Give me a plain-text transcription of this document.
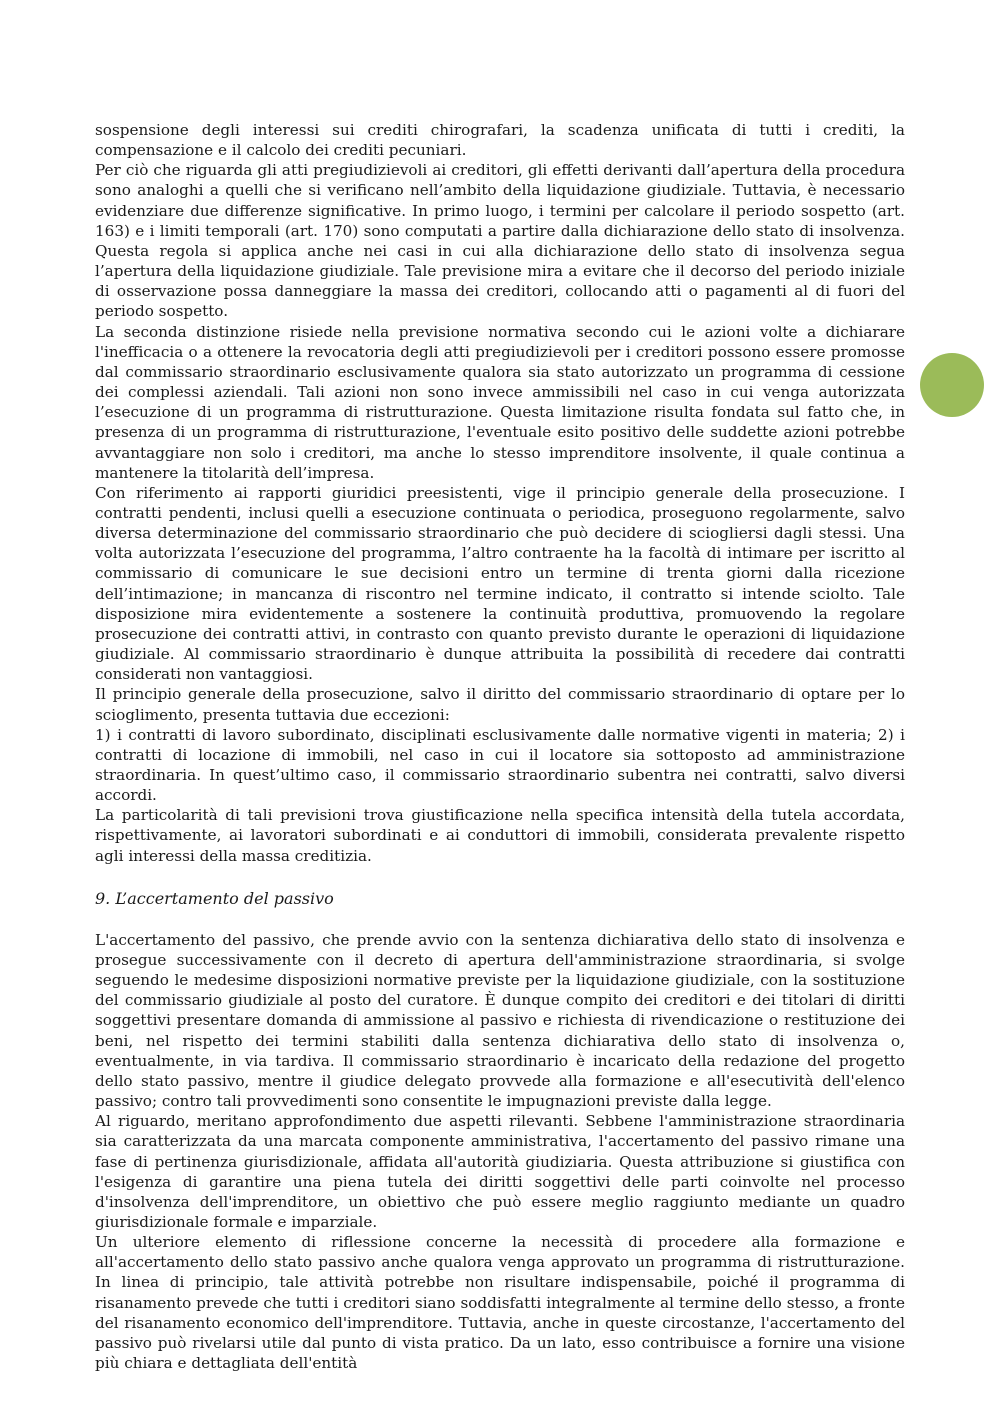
sospensione degli interessi sui crediti chirografari, la scadenza unificata di tutti i crediti, la compensazione e il calcolo dei crediti pecuniari.

Per ciò che riguarda gli atti pregiudizievoli ai creditori, gli effetti derivanti dall’apertura della procedura sono analoghi a quelli che si verificano nell’ambito della liquidazione giudiziale. Tuttavia, è necessario evidenziare due differenze significative. In primo luogo, i termini per calcolare il periodo sospetto (art. 163) e i limiti temporali (art. 170) sono computati a partire dalla dichiarazione dello stato di insolvenza. Questa regola si applica anche nei casi in cui alla dichiarazione dello stato di insolvenza segua l’apertura della liquidazione giudiziale. Tale previsione mira a evitare che il decorso del periodo iniziale di osservazione possa danneggiare la massa dei creditori, collocando atti o pagamenti al di fuori del periodo sospetto.

La seconda distinzione risiede nella previsione normativa secondo cui le azioni volte a dichiarare l'inefficacia o a ottenere la revocatoria degli atti pregiudizievoli per i creditori possono essere promosse dal commissario straordinario esclusivamente qualora sia stato autorizzato un programma di cessione dei complessi aziendali. Tali azioni non sono invece ammissibili nel caso in cui venga autorizzata l’esecuzione di un programma di ristrutturazione. Questa limitazione risulta fondata sul fatto che, in presenza di un programma di ristrutturazione, l'eventuale esito positivo delle suddette azioni potrebbe avvantaggiare non solo i creditori, ma anche lo stesso imprenditore insolvente, il quale continua a mantenere la titolarità dell’impresa.

Con riferimento ai rapporti giuridici preesistenti, vige il principio generale della prosecuzione. I contratti pendenti, inclusi quelli a esecuzione continuata o periodica, proseguono regolarmente, salvo diversa determinazione del commissario straordinario che può decidere di sciogliersi dagli stessi. Una volta autorizzata l’esecuzione del programma, l’altro contraente ha la facoltà di intimare per iscritto al commissario di comunicare le sue decisioni entro un termine di trenta giorni dalla ricezione dell’intimazione; in mancanza di riscontro nel termine indicato, il contratto si intende sciolto. Tale disposizione mira evidentemente a sostenere la continuità produttiva, promuovendo la regolare prosecuzione dei contratti attivi, in contrasto con quanto previsto durante le operazioni di liquidazione giudiziale. Al commissario straordinario è dunque attribuita la possibilità di recedere dai contratti considerati non vantaggiosi.

Il principio generale della prosecuzione, salvo il diritto del commissario straordinario di optare per lo scioglimento, presenta tuttavia due eccezioni:

1) i contratti di lavoro subordinato, disciplinati esclusivamente dalle normative vigenti in materia; 2) i contratti di locazione di immobili, nel caso in cui il locatore sia sottoposto ad amministrazione straordinaria. In quest’ultimo caso, il commissario straordinario subentra nei contratti, salvo diversi accordi.

La particolarità di tali previsioni trova giustificazione nella specifica intensità della tutela accordata, rispettivamente, ai lavoratori subordinati e ai conduttori di immobili, considerata prevalente rispetto agli interessi della massa creditizia.

9. L’accertamento del passivo

L'accertamento del passivo, che prende avvio con la sentenza dichiarativa dello stato di insolvenza e prosegue successivamente con il decreto di apertura dell'amministrazione straordinaria, si svolge seguendo le medesime disposizioni normative previste per la liquidazione giudiziale, con la sostituzione del commissario giudiziale al posto del curatore. È dunque compito dei creditori e dei titolari di diritti soggettivi presentare domanda di ammissione al passivo e richiesta di rivendicazione o restituzione dei beni, nel rispetto dei termini stabiliti dalla sentenza dichiarativa dello stato di insolvenza o, eventualmente, in via tardiva. Il commissario straordinario è incaricato della redazione del progetto dello stato passivo, mentre il giudice delegato provvede alla formazione e all'esecutività dell'elenco passivo; contro tali provvedimenti sono consentite le impugnazioni previste dalla legge.

Al riguardo, meritano approfondimento due aspetti rilevanti. Sebbene l'amministrazione straordinaria sia caratterizzata da una marcata componente amministrativa, l'accertamento del passivo rimane una fase di pertinenza giurisdizionale, affidata all'autorità giudiziaria. Questa attribuzione si giustifica con l'esigenza di garantire una piena tutela dei diritti soggettivi delle parti coinvolte nel processo d'insolvenza dell'imprenditore, un obiettivo che può essere meglio raggiunto mediante un quadro giurisdizionale formale e imparziale.

Un ulteriore elemento di riflessione concerne la necessità di procedere alla formazione e all'accertamento dello stato passivo anche qualora venga approvato un programma di ristrutturazione. In linea di principio, tale attività potrebbe non risultare indispensabile, poiché il programma di risanamento prevede che tutti i creditori siano soddisfatti integralmente al termine dello stesso, a fronte del risanamento economico dell'imprenditore. Tuttavia, anche in queste circostanze, l'accertamento del passivo può rivelarsi utile dal punto di vista pratico. Da un lato, esso contribuisce a fornire una visione più chiara e dettagliata dell'entità
